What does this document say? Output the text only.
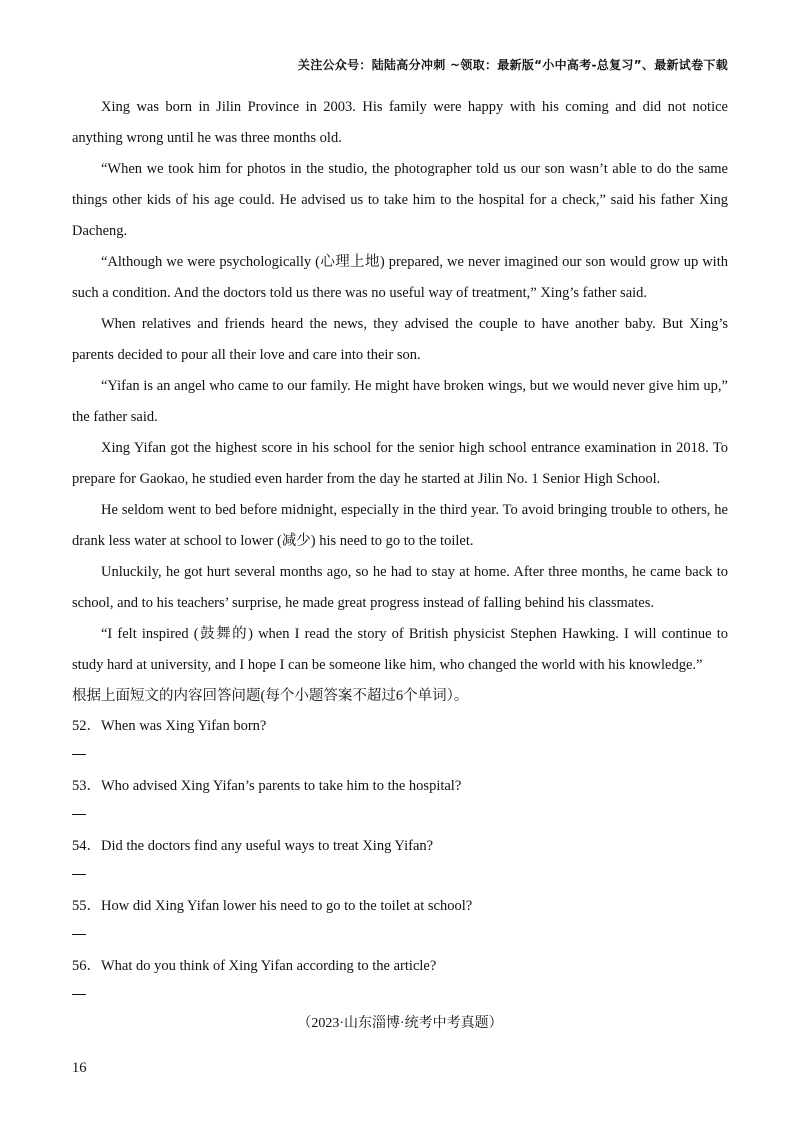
关注公众号：陆陆高分冲刺 ~领取：最新版“小中高考-总复习”、最新试卷下载

Xing was born in Jilin Province in 2003. His family were happy with his coming and did not notice anything wrong until he was three months old.

“When we took him for photos in the studio, the photographer told us our son wasn’t able to do the same things other kids of his age could. He advised us to take him to the hospital for a check,” said his father Xing Dacheng.

“Although we were psychologically (心理上地) prepared, we never imagined our son would grow up with such a condition. And the doctors told us there was no useful way of treatment,” Xing’s father said.

When relatives and friends heard the news, they advised the couple to have another baby. But Xing’s parents decided to pour all their love and care into their son.

“Yifan is an angel who came to our family. He might have broken wings, but we would never give him up,” the father said.

Xing Yifan got the highest score in his school for the senior high school entrance examination in 2018. To prepare for Gaokao, he studied even harder from the day he started at Jilin No. 1 Senior High School.

He seldom went to bed before midnight, especially in the third year. To avoid bringing trouble to others, he drank less water at school to lower (减少) his need to go to the toilet.

Unluckily, he got hurt several months ago, so he had to stay at home. After three months, he came back to school, and to his teachers’ surprise, he made great progress instead of falling behind his classmates.

“I felt inspired (鼓舞的) when I read the story of British physicist Stephen Hawking. I will continue to study hard at university, and I hope I can be someone like him, who changed the world with his knowledge.”

根据上面短文的内容回答问题(每个小题答案不超过6个单词）。

52．When was Xing Yifan born?

53．Who advised Xing Yifan’s parents to take him to the hospital?

54．Did the doctors find any useful ways to treat Xing Yifan?

55．How did Xing Yifan lower his need to go to the toilet at school?

56．What do you think of Xing Yifan according to the article?

（2023·山东淄博·统考中考真题）
16
